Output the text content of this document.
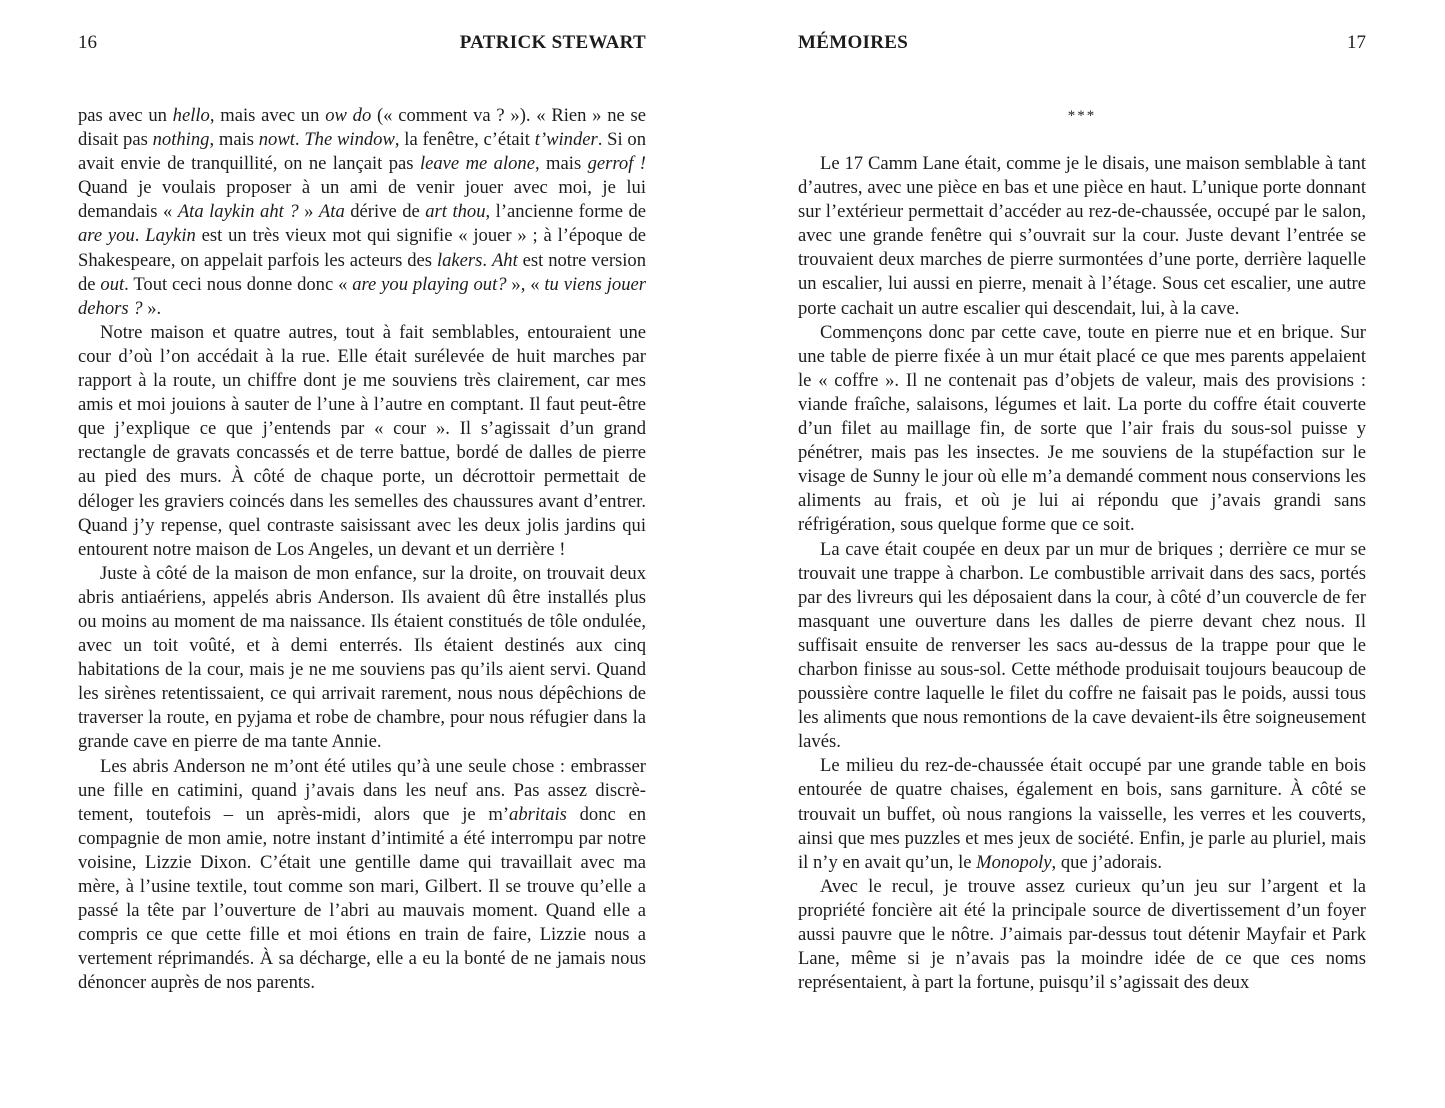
16	PATRICK STEWART

pas avec un hello, mais avec un ow do (« comment va ? »). « Rien » ne se disait pas nothing, mais nowt. The window, la fenêtre, c’était t’winder. Si on avait envie de tranquillité, on ne lançait pas leave me alone, mais gerrof ! Quand je voulais proposer à un ami de venir jouer avec moi, je lui demandais « Ata laykin aht ? » Ata dérive de art thou, l’ancienne forme de are you. Laykin est un très vieux mot qui signifie « jouer » ; à l’époque de Shakespeare, on appelait parfois les acteurs des lakers. Aht est notre version de out. Tout ceci nous donne donc « are you playing out? », « tu viens jouer dehors ? ».

Notre maison et quatre autres, tout à fait semblables, entouraient une cour d’où l’on accédait à la rue. Elle était surélevée de huit marches par rapport à la route, un chiffre dont je me souviens très clairement, car mes amis et moi jouions à sauter de l’une à l’autre en comptant. Il faut peut-être que j’explique ce que j’entends par « cour ». Il s’agissait d’un grand rectangle de gravats concassés et de terre battue, bordé de dalles de pierre au pied des murs. À côté de chaque porte, un décrottoir permettait de déloger les graviers coincés dans les semelles des chaussures avant d’entrer. Quand j’y repense, quel contraste saisissant avec les deux jolis jardins qui entourent notre maison de Los Angeles, un devant et un derrière !

Juste à côté de la maison de mon enfance, sur la droite, on trouvait deux abris antiaériens, appelés abris Anderson. Ils avaient dû être installés plus ou moins au moment de ma naissance. Ils étaient constitués de tôle ondulée, avec un toit voûté, et à demi enterrés. Ils étaient destinés aux cinq habitations de la cour, mais je ne me souviens pas qu’ils aient servi. Quand les sirènes retentissaient, ce qui arrivait rarement, nous nous dépêchions de traverser la route, en pyjama et robe de chambre, pour nous réfugier dans la grande cave en pierre de ma tante Annie.

Les abris Anderson ne m’ont été utiles qu’à une seule chose : embrasser une fille en catimini, quand j’avais dans les neuf ans. Pas assez discrètement, toutefois – un après-midi, alors que je m’abritais donc en compagnie de mon amie, notre instant d’intimité a été interrompu par notre voisine, Lizzie Dixon. C’était une gentille dame qui travaillait avec ma mère, à l’usine textile, tout comme son mari, Gilbert. Il se trouve qu’elle a passé la tête par l’ouverture de l’abri au mauvais moment. Quand elle a compris ce que cette fille et moi étions en train de faire, Lizzie nous a vertement réprimandés. À sa décharge, elle a eu la bonté de ne jamais nous dénoncer auprès de nos parents.

MÉMOIRES	17
***

Le 17 Camm Lane était, comme je le disais, une maison semblable à tant d’autres, avec une pièce en bas et une pièce en haut. L’unique porte donnant sur l’extérieur permettait d’accéder au rez-de-chaussée, occupé par le salon, avec une grande fenêtre qui s’ouvrait sur la cour. Juste devant l’entrée se trouvaient deux marches de pierre surmontées d’une porte, derrière laquelle un escalier, lui aussi en pierre, menait à l’étage. Sous cet escalier, une autre porte cachait un autre escalier qui descendait, lui, à la cave.

Commençons donc par cette cave, toute en pierre nue et en brique. Sur une table de pierre fixée à un mur était placé ce que mes parents appelaient le « coffre ». Il ne contenait pas d’objets de valeur, mais des provisions : viande fraîche, salaisons, légumes et lait. La porte du coffre était couverte d’un filet au maillage fin, de sorte que l’air frais du sous-sol puisse y pénétrer, mais pas les insectes. Je me souviens de la stupéfaction sur le visage de Sunny le jour où elle m’a demandé comment nous conservions les aliments au frais, et où je lui ai répondu que j’avais grandi sans réfrigération, sous quelque forme que ce soit.

La cave était coupée en deux par un mur de briques ; derrière ce mur se trouvait une trappe à charbon. Le combustible arrivait dans des sacs, portés par des livreurs qui les déposaient dans la cour, à côté d’un couvercle de fer masquant une ouverture dans les dalles de pierre devant chez nous. Il suffisait ensuite de renverser les sacs au-dessus de la trappe pour que le charbon finisse au sous-sol. Cette méthode produisait toujours beaucoup de poussière contre laquelle le filet du coffre ne faisait pas le poids, aussi tous les aliments que nous remontions de la cave devaient-ils être soigneusement lavés.

Le milieu du rez-de-chaussée était occupé par une grande table en bois entourée de quatre chaises, également en bois, sans garniture. À côté se trouvait un buffet, où nous rangions la vaisselle, les verres et les couverts, ainsi que mes puzzles et mes jeux de société. Enfin, je parle au pluriel, mais il n’y en avait qu’un, le Monopoly, que j’adorais.

Avec le recul, je trouve assez curieux qu’un jeu sur l’argent et la propriété foncière ait été la principale source de divertissement d’un foyer aussi pauvre que le nôtre. J’aimais par-dessus tout détenir Mayfair et Park Lane, même si je n’avais pas la moindre idée de ce que ces noms représentaient, à part la fortune, puisqu’il s’agissait des deux
